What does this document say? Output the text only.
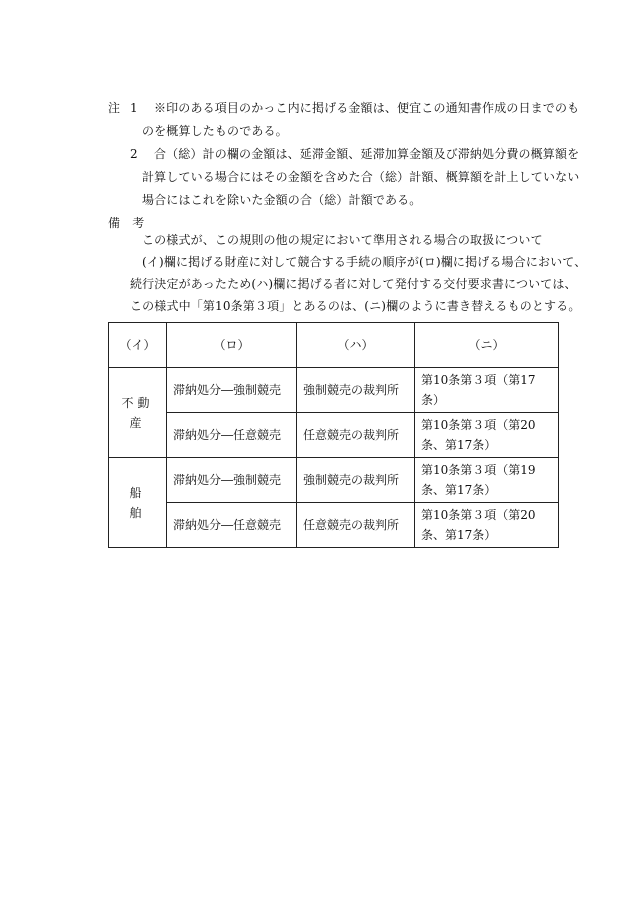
注 1 ※印のある項目のかっこ内に掲げる金額は、便宜この通知書作成の日までのも
のを概算したものである。
2 合（総）計の欄の金額は、延滞金額、延滞加算金額及び滞納処分費の概算額を
計算している場合にはその金額を含めた合（総）計額、概算額を計上していない
場合にはこれを除いた金額の合（総）計額である。
備　考
この様式が、この規則の他の規定において準用される場合の取扱について
(イ)欄に掲げる財産に対して競合する手続の順序が(ロ)欄に掲げる場合において、
続行決定があったため(ハ)欄に掲げる者に対して発付する交付要求書については、
（イ）	（ロ）	（ハ）	（ニ）
不動産	滞納処分―強制競売	強制競売の裁判所	第10条第３項（第17条）
	滞納処分―任意競売	任意競売の裁判所	第10条第３項（第20条、第17条）
船　舶	滞納処分―強制競売	強制競売の裁判所	第10条第３項（第19条、第17条）
	滞納処分―任意競売	任意競売の裁判所	第10条第３項（第20条、第17条）
この様式中「第10条第３項」とあるのは、(ニ)欄のように書き替えるものとする。
